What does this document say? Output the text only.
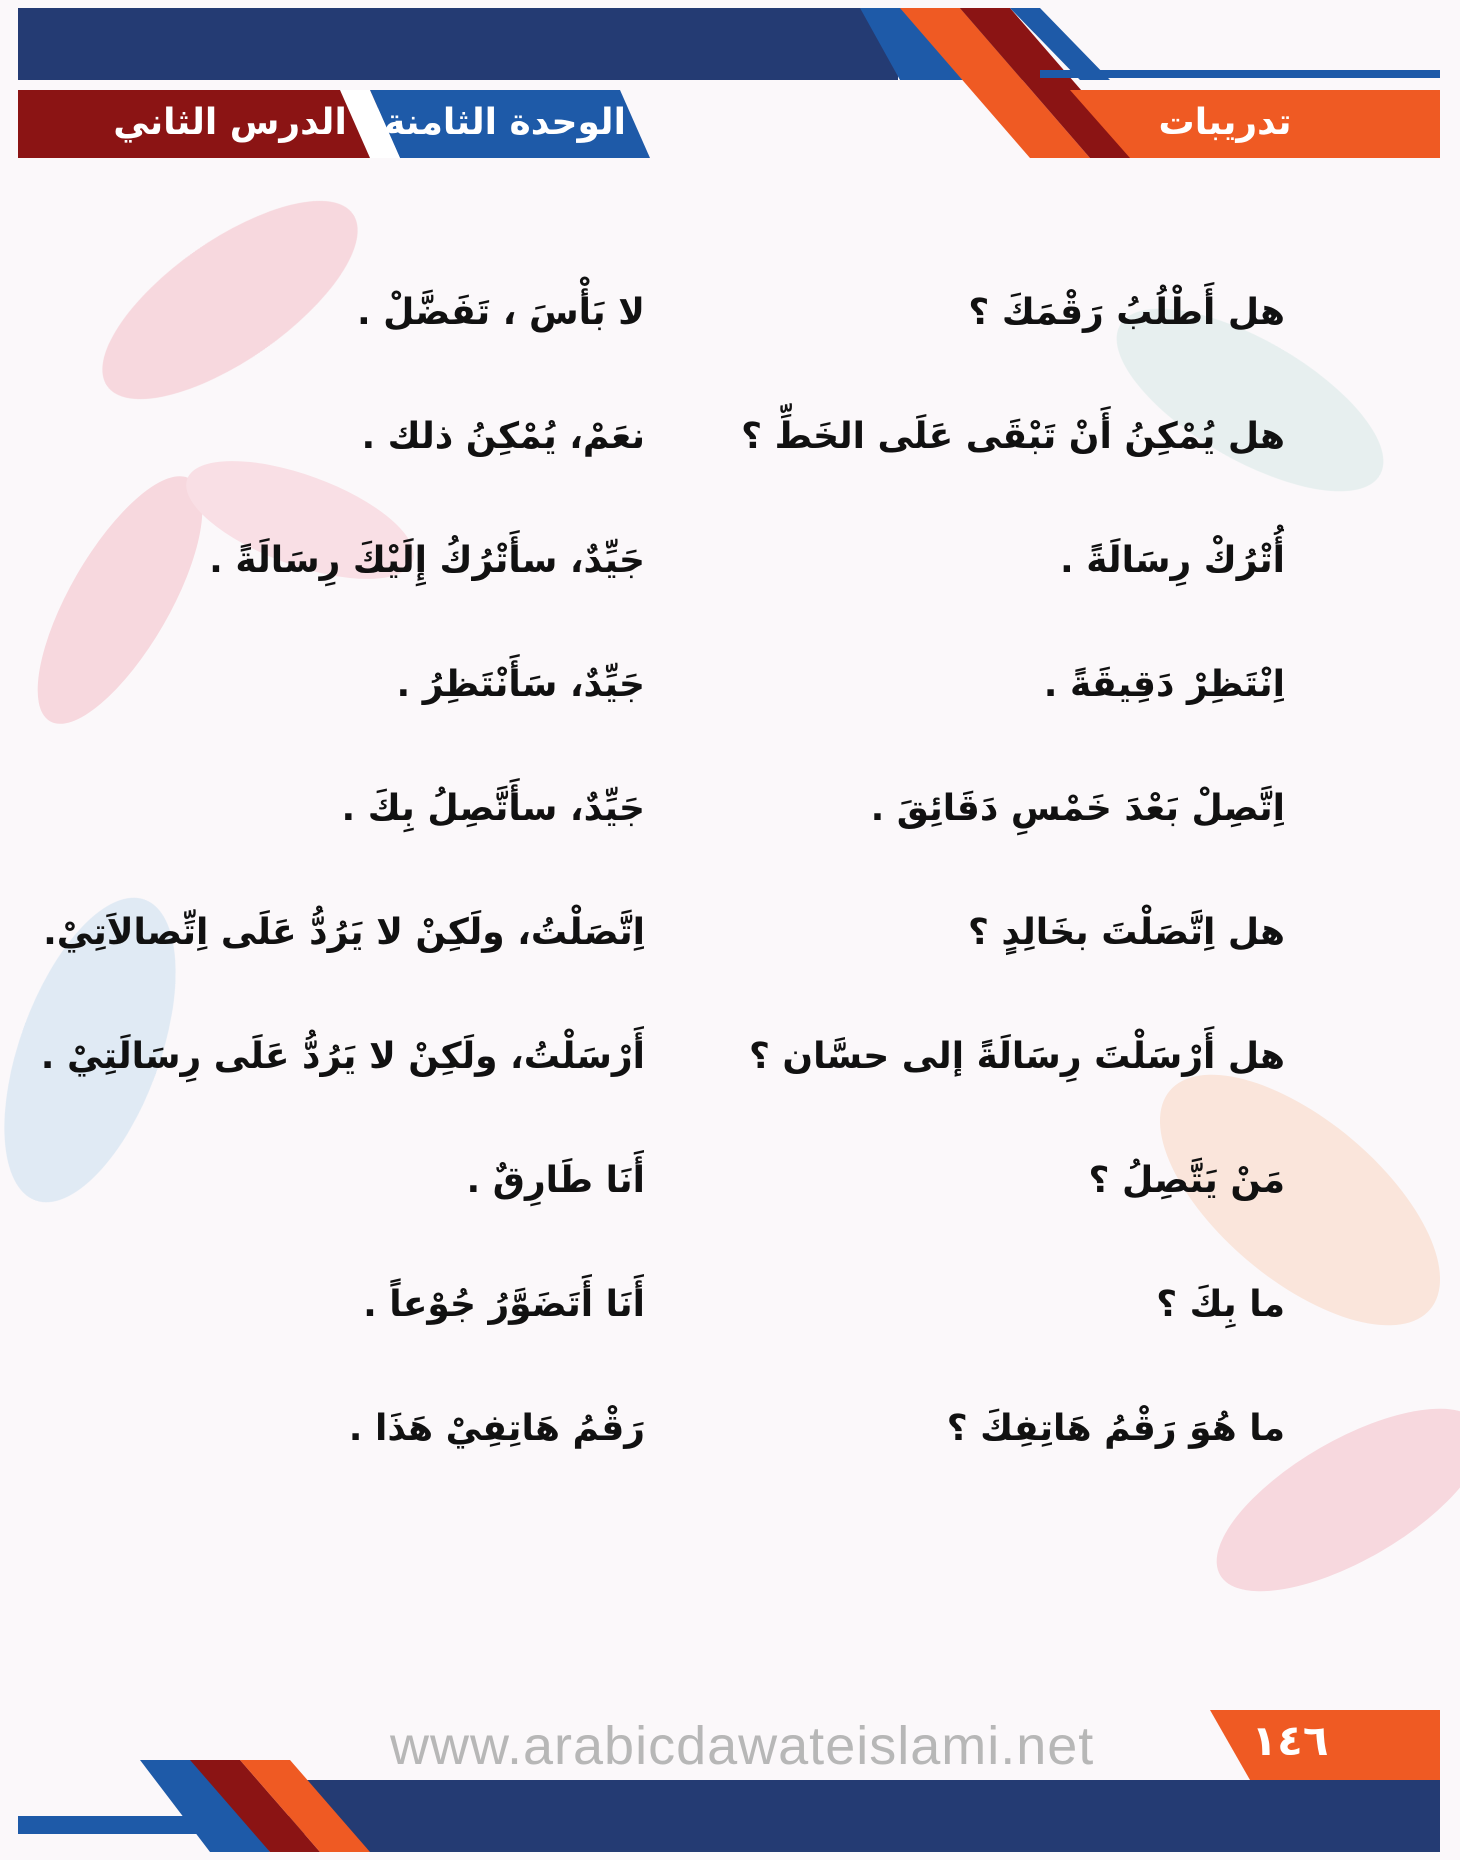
تدريبات
الوحدة الثامنة
الدرس الثاني
هل أَطْلُبُ رَقْمَكَ ؟
لا بَأْسَ ، تَفَضَّلْ .
هل يُمْكِنُ أَنْ تَبْقَى عَلَى الخَطِّ ؟
نعَمْ، يُمْكِنُ ذلك .
أُتْرُكْ رِسَالَةً .
جَيِّدٌ، سأَتْرُكُ إِلَيْكَ رِسَالَةً .
اِنْتَظِرْ دَقِيقَةً .
جَيِّدٌ، سَأَنْتَظِرُ .
اِتَّصِلْ بَعْدَ خَمْسِ دَقَائِقَ .
جَيِّدٌ، سأَتَّصِلُ بِكَ .
هل اِتَّصَلْتَ بخَالِدٍ ؟
اِتَّصَلْتُ، ولَكِنْ لا يَرُدُّ عَلَى اِتِّصالاَتِيْ.
هل أَرْسَلْتَ رِسَالَةً إلى حسَّان ؟
أَرْسَلْتُ، ولَكِنْ لا يَرُدُّ عَلَى رِسَالَتِيْ .
مَنْ يَتَّصِلُ ؟
أَنَا طَارِقٌ .
ما بِكَ ؟
أَنَا أَتَضَوَّرُ جُوْعاً .
ما هُوَ رَقْمُ هَاتِفِكَ ؟
رَقْمُ هَاتِفِيْ هَذَا .
www.arabicdawateislami.net	١٤٦
